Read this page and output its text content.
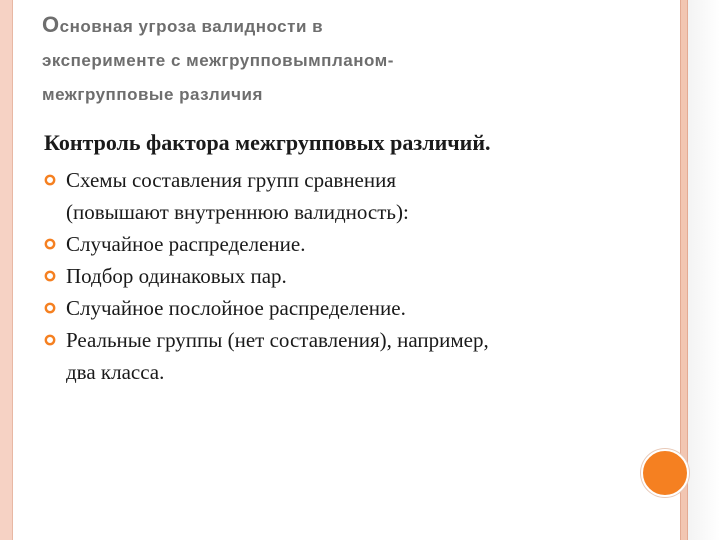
Основная угроза валидности в
эксперименте с межгрупповымпланом-
межгрупповые различия
Контроль фактора межгрупповых различий.
Схемы составления групп сравнения
(повышают внутреннюю валидность):
Случайное распределение.
Подбор одинаковых пар.
Случайное послойное распределение.
Реальные группы (нет составления), например,
два класса.
